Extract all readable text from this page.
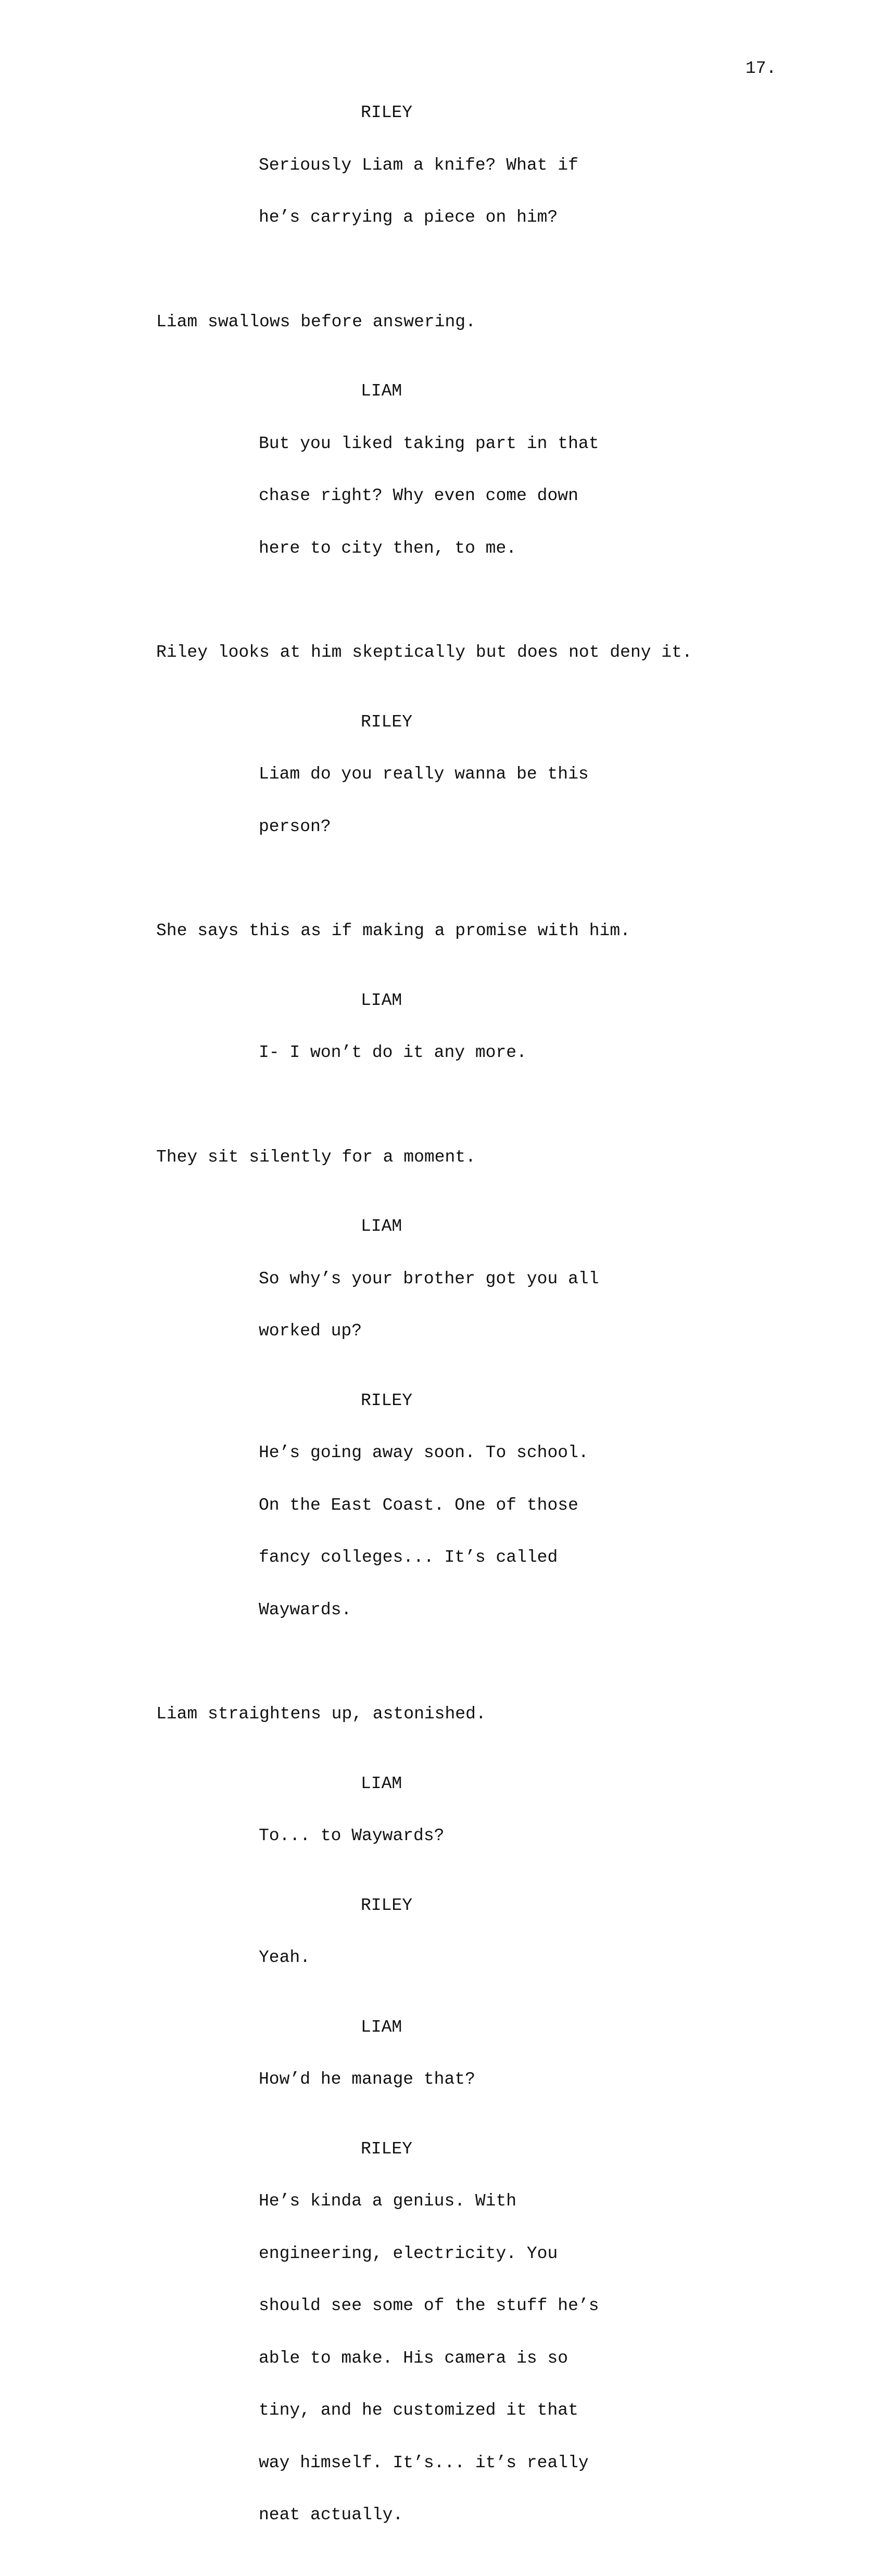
17.
RILEY

Seriously Liam a knife? What if

he’s carrying a piece on him?

Liam swallows before answering.

LIAM

But you liked taking part in that

chase right? Why even come down

here to city then, to me.

Riley looks at him skeptically but does not deny it.

RILEY

Liam do you really wanna be this

person?

She says this as if making a promise with him.

LIAM

I- I won’t do it any more.

They sit silently for a moment.

LIAM

So why’s your brother got you all

worked up?

RILEY

He’s going away soon. To school.

On the East Coast. One of those

fancy colleges... It’s called

Waywards.

Liam straightens up, astonished.

LIAM

To... to Waywards?

RILEY

Yeah.

LIAM

How’d he manage that?

RILEY

He’s kinda a genius. With

engineering, electricity. You

should see some of the stuff he’s

able to make. His camera is so

tiny, and he customized it that

way himself. It’s... it’s really

neat actually.
